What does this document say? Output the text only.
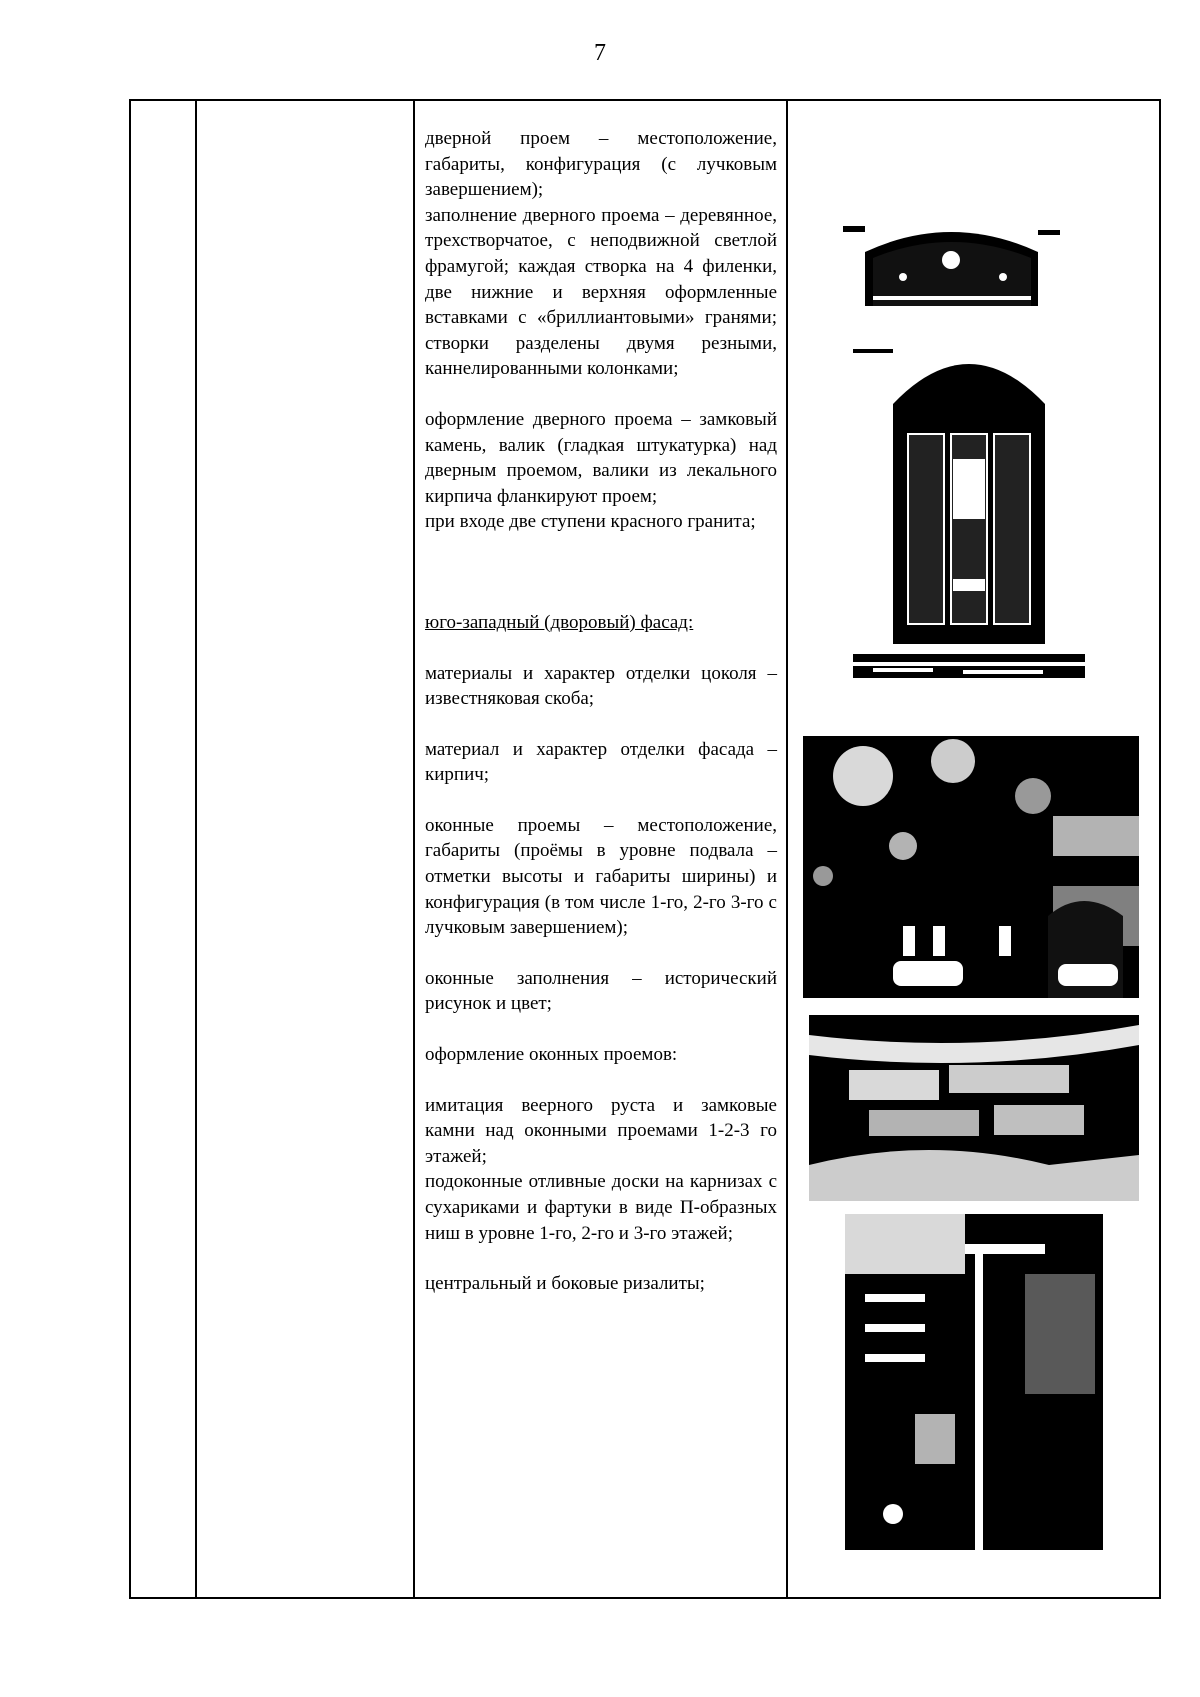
7

дверной проем – местоположение, габариты, конфигурация (с лучковым завершением);

заполнение дверного проема – деревянное, трехстворчатое, с неподвижной светлой фрамугой; каждая створка на 4 филенки, две нижние и верхняя оформленные вставками с «бриллиантовыми» гранями; створки разделены двумя резными, каннелированными колонками;

оформление дверного проема – замковый камень, валик (гладкая штукатурка) над дверным проемом, валики из лекального кирпича фланкируют проем;

при входе две ступени красного гранита;

юго-западный (дворовый) фасад:

материалы и характер отделки цоколя – известняковая скоба;

материал и характер отделки фасада – кирпич;

оконные проемы – местоположение, габариты (проёмы в уровне подвала – отметки высоты и габариты ширины) и конфигурация (в том числе 1-го, 2-го 3-го с лучковым завершением);

оконные заполнения – исторический рисунок и цвет;

оформление оконных проемов:

имитация веерного руста и замковые камни над оконными проемами 1-2-3 го этажей;

подоконные отливные доски на карнизах с сухариками и фартуки в виде П-образных ниш в уровне 1-го, 2-го и 3-го этажей;

центральный и боковые ризалиты;
